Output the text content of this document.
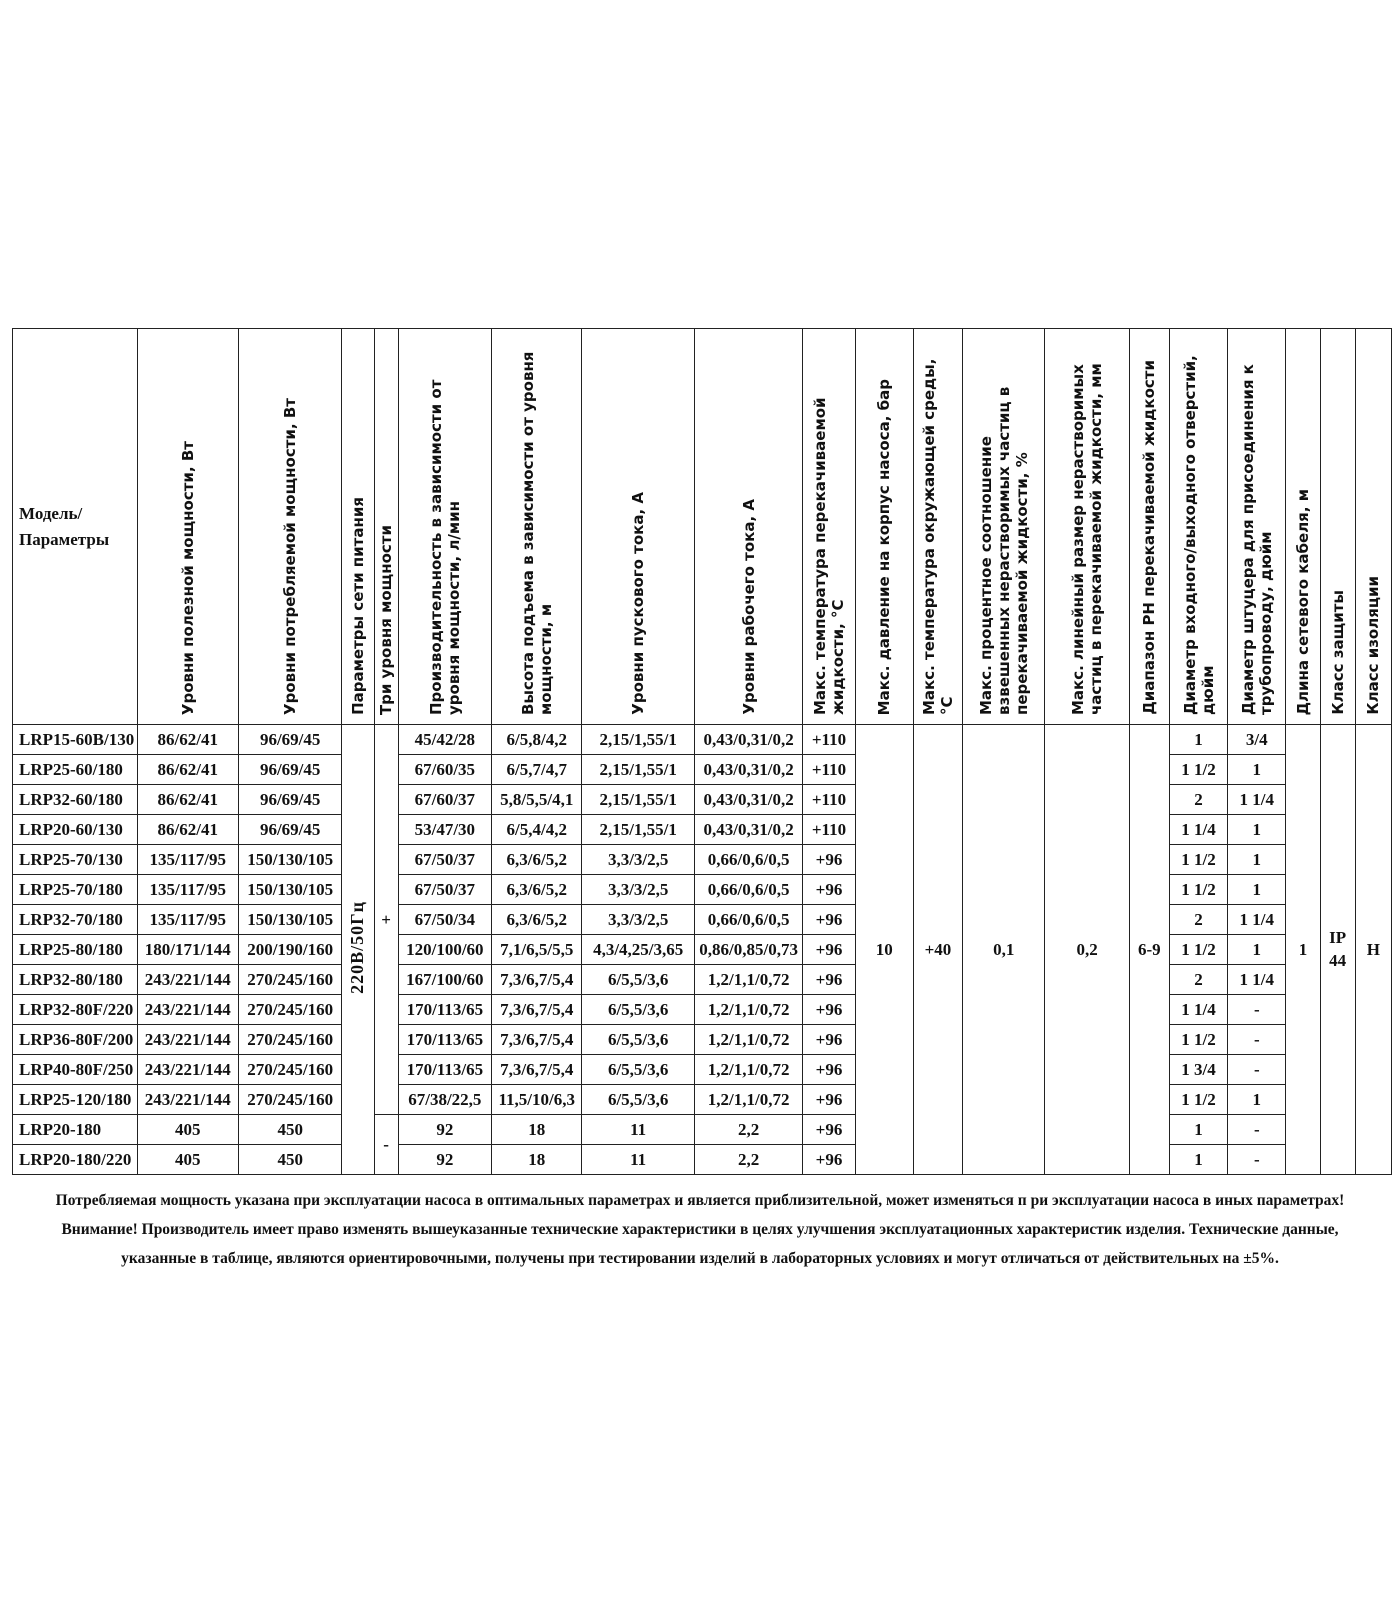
Модель/ Параметры	Уровни полезной мощности, Вт	Уровни потребляемой мощности, Вт	Параметры сети питания	Три уровня мощности	Производительность в зависимости от уровня мощности, л/мин	Высота подъема в зависимости от уровня мощности, м	Уровни пускового тока, А	Уровни рабочего тока, А	Макс. температура перекачиваемой жидкости, °С	Макс. давление на корпус насоса, бар	Макс. температура окружающей среды, °С	Макс. процентное соотношение взвешенных нерастворимых частиц в перекачиваемой жидкости, %	Макс. линейный размер нерастворимых частиц в перекачиваемой жидкости, мм	Диапазон PH перекачиваемой жидкости	Диаметр входного/выходного отверстий, дюйм	Диаметр штуцера для присоединения к трубопроводу, дюйм	Длина сетевого кабеля, м	Класс защиты	Класс изоляции
LRP15-60B/130	86/62/41	96/69/45	220В/50Гц	+	45/42/28	6/5,8/4,2	2,15/1,55/1	0,43/0,31/0,2	+110	10	+40	0,1	0,2	6-9	1	3/4	1	IP 44	H
LRP25-60/180	86/62/41	96/69/45			67/60/35	6/5,7/4,7	2,15/1,55/1	0,43/0,31/0,2	+110						1 1/2	1			
LRP32-60/180	86/62/41	96/69/45			67/60/37	5,8/5,5/4,1	2,15/1,55/1	0,43/0,31/0,2	+110						2	1 1/4			
LRP20-60/130	86/62/41	96/69/45			53/47/30	6/5,4/4,2	2,15/1,55/1	0,43/0,31/0,2	+110						1 1/4	1			
LRP25-70/130	135/117/95	150/130/105			67/50/37	6,3/6/5,2	3,3/3/2,5	0,66/0,6/0,5	+96						1 1/2	1			
LRP25-70/180	135/117/95	150/130/105			67/50/37	6,3/6/5,2	3,3/3/2,5	0,66/0,6/0,5	+96						1 1/2	1			
LRP32-70/180	135/117/95	150/130/105			67/50/34	6,3/6/5,2	3,3/3/2,5	0,66/0,6/0,5	+96						2	1 1/4			
LRP25-80/180	180/171/144	200/190/160			120/100/60	7,1/6,5/5,5	4,3/4,25/3,65	0,86/0,85/0,73	+96						1 1/2	1			
LRP32-80/180	243/221/144	270/245/160			167/100/60	7,3/6,7/5,4	6/5,5/3,6	1,2/1,1/0,72	+96						2	1 1/4			
LRP32-80F/220	243/221/144	270/245/160			170/113/65	7,3/6,7/5,4	6/5,5/3,6	1,2/1,1/0,72	+96						1 1/4	-			
LRP36-80F/200	243/221/144	270/245/160			170/113/65	7,3/6,7/5,4	6/5,5/3,6	1,2/1,1/0,72	+96						1 1/2	-			
LRP40-80F/250	243/221/144	270/245/160			170/113/65	7,3/6,7/5,4	6/5,5/3,6	1,2/1,1/0,72	+96						1 3/4	-			
LRP25-120/180	243/221/144	270/245/160			67/38/22,5	11,5/10/6,3	6/5,5/3,6	1,2/1,1/0,72	+96						1 1/2	1			
LRP20-180	405	450		-	92	18	11	2,2	+96						1	-			
LRP20-180/220	405	450			92	18	11	2,2	+96						1	-			

Потребляемая мощность указана при эксплуатации насоса в оптимальных параметрах и является приблизительной, может изменяться п ри эксплуатации насоса в иных параметрах!

Внимание! Производитель имеет право изменять вышеуказанные технические характеристики в целях улучшения эксплуатационных характеристик изделия. Технические данные,

указанные в таблице, являются ориентировочными, получены при тестировании изделий в лабораторных условиях и могут отличаться от действительных на ±5%.
